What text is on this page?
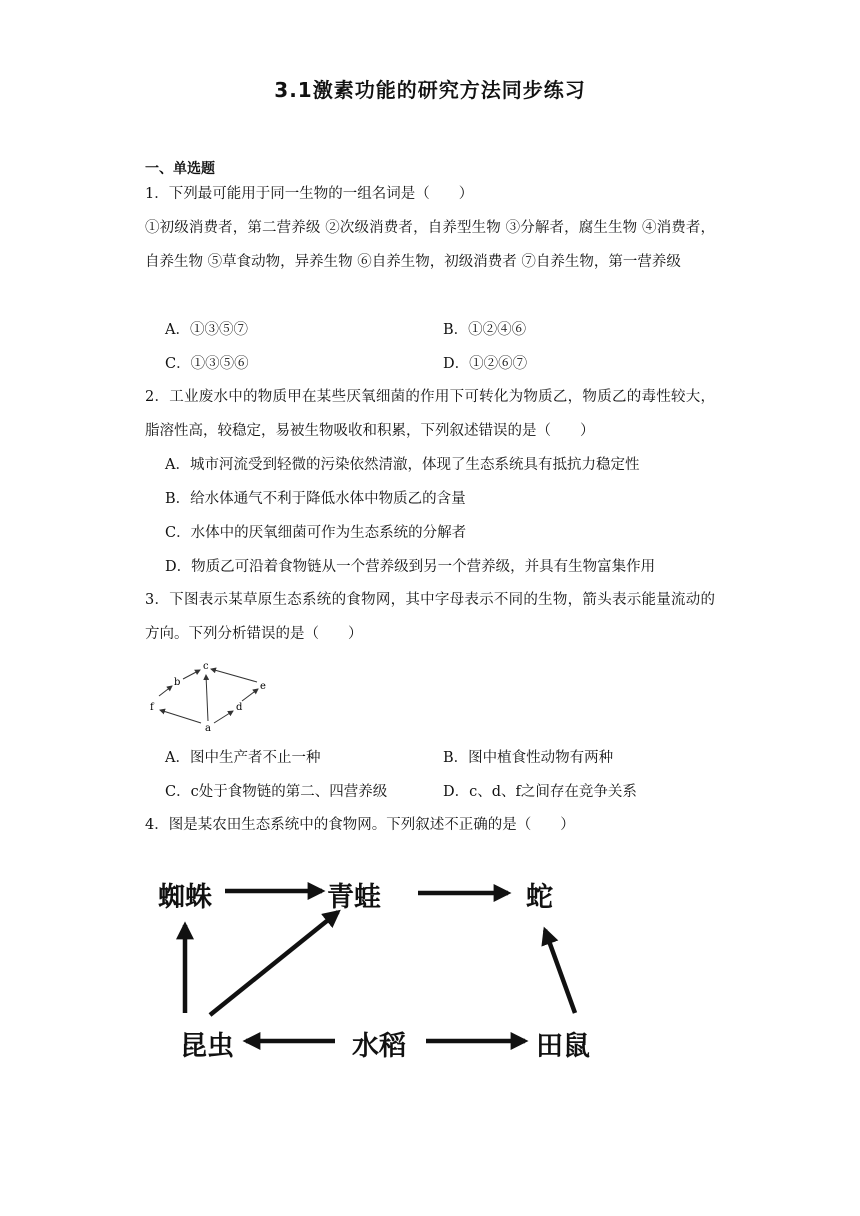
3.1激素功能的研究方法同步练习
一、单选题
1．下列最可能用于同一生物的一组名词是（　　）
①初级消费者，第二营养级 ②次级消费者，自养型生物 ③分解者，腐生生物 ④消费者，自养生物 ⑤草食动物，异养生物 ⑥自养生物，初级消费者 ⑦自养生物，第一营养级
A．①③⑤⑦	B．①②④⑥
C．①③⑤⑥	D．①②⑥⑦
2．工业废水中的物质甲在某些厌氧细菌的作用下可转化为物质乙，物质乙的毒性较大，脂溶性高，较稳定，易被生物吸收和积累，下列叙述错误的是（　　）
A．城市河流受到轻微的污染依然清澈，体现了生态系统具有抵抗力稳定性
B．给水体通气不利于降低水体中物质乙的含量
C．水体中的厌氧细菌可作为生态系统的分解者
D．物质乙可沿着食物链从一个营养级到另一个营养级，并具有生物富集作用
3．下图表示某草原生态系统的食物网，其中字母表示不同的生物，箭头表示能量流动的方向。下列分析错误的是（　　）
c
b	e
f	d
a
A．图中生产者不止一种	B．图中植食性动物有两种
C．c处于食物链的第二、四营养级	D．c、d、f之间存在竞争关系
4．图是某农田生态系统中的食物网。下列叙述不正确的是（　　）
蜘蛛	青蛙	蛇
昆虫	水稻	田鼠
